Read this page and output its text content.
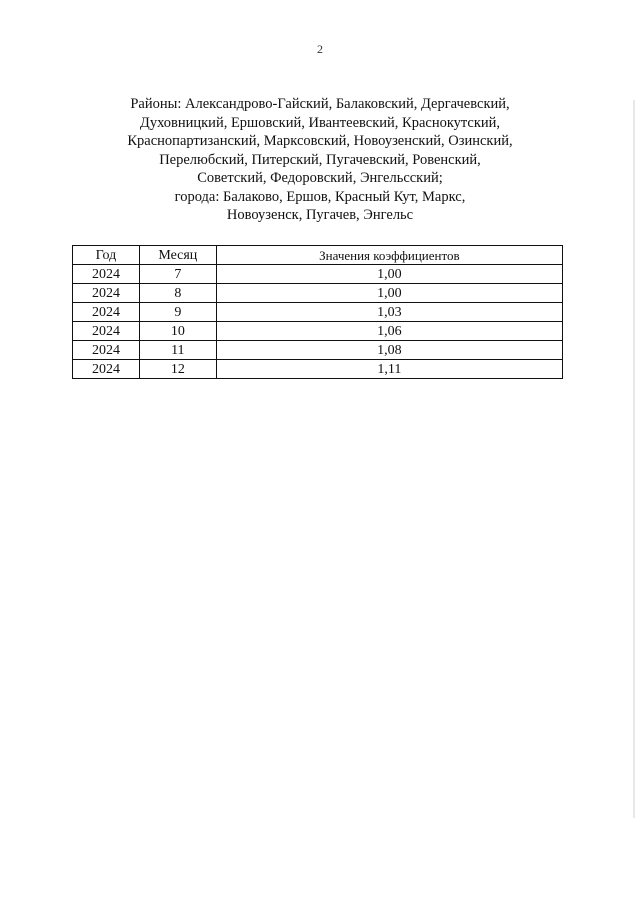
2
Районы: Александрово-Гайский, Балаковский, Дергачевский,
Духовницкий, Ершовский, Ивантеевский, Краснокутский,
Краснопартизанский, Марксовский, Новоузенский, Озинский,
Перелюбский, Питерский, Пугачевский, Ровенский,
Советский, Федоровский, Энгельсский;
города: Балаково, Ершов, Красный Кут, Маркс,
Новоузенск, Пугачев, Энгельс
Год	Месяц	Значения коэффициентов
2024	7	1,00
2024	8	1,00
2024	9	1,03
2024	10	1,06
2024	11	1,08
2024	12	1,11
